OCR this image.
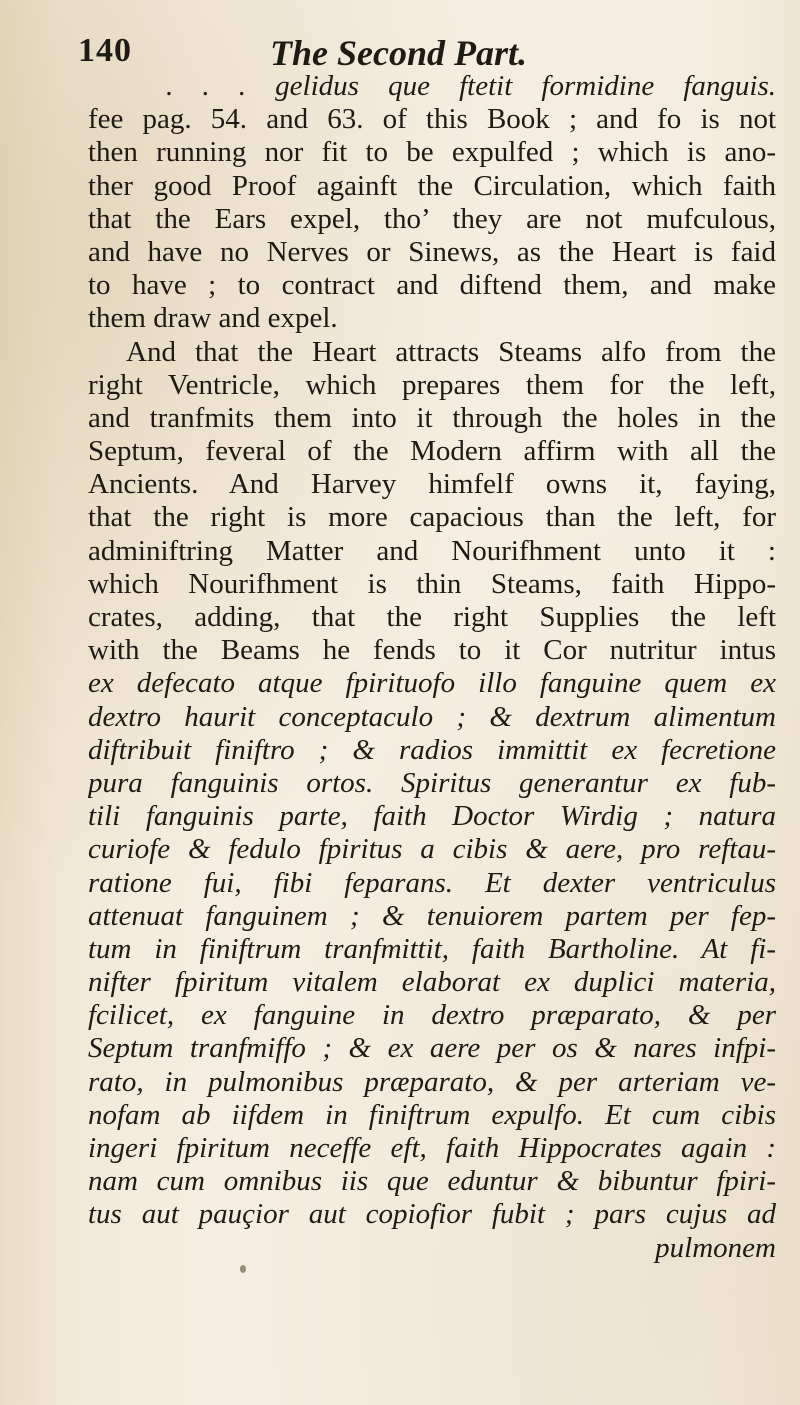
140	The Second Part.
. . . gelidus que ftetit formidine fanguis.
fee pag. 54. and 63. of this Book ; and fo is not
then running nor fit to be expulfed ; which is ano-
ther good Proof againft the Circulation, which faith
that the Ears expel, tho’ they are not mufculous,
and have no Nerves or Sinews, as the Heart is faid
to have ; to contract and diftend them, and make
them draw and expel.
And that the Heart attracts Steams alfo from the
right Ventricle, which prepares them for the left,
and tranfmits them into it through the holes in the
Septum, feveral of the Modern affirm with all the
Ancients. And Harvey himfelf owns it, faying,
that the right is more capacious than the left, for
adminiftring Matter and Nourifhment unto it :
which Nourifhment is thin Steams, faith Hippo-
crates, adding, that the right Supplies the left
with the Beams he fends to it Cor nutritur intus
ex defecato atque fpirituofo illo fanguine quem ex
dextro haurit conceptaculo ; & dextrum alimentum
diftribuit finiftro ; & radios immittit ex fecretione
pura fanguinis ortos. Spiritus generantur ex fub-
tili fanguinis parte, faith Doctor Wirdig ; natura
curiofe & fedulo fpiritus a cibis & aere, pro reftau-
ratione fui, fibi feparans. Et dexter ventriculus
attenuat fanguinem ; & tenuiorem partem per fep-
tum in finiftrum tranfmittit, faith Bartholine. At fi-
nifter fpiritum vitalem elaborat ex duplici materia,
fcilicet, ex fanguine in dextro præparato, & per
Septum tranfmiffo ; & ex aere per os & nares infpi-
rato, in pulmonibus præparato, & per arteriam ve-
nofam ab iifdem in finiftrum expulfo. Et cum cibis
ingeri fpiritum neceffe eft, faith Hippocrates again :
nam cum omnibus iis que eduntur & bibuntur fpiri-
tus aut pauçior aut copiofior fubit ; pars cujus ad
pulmonem
